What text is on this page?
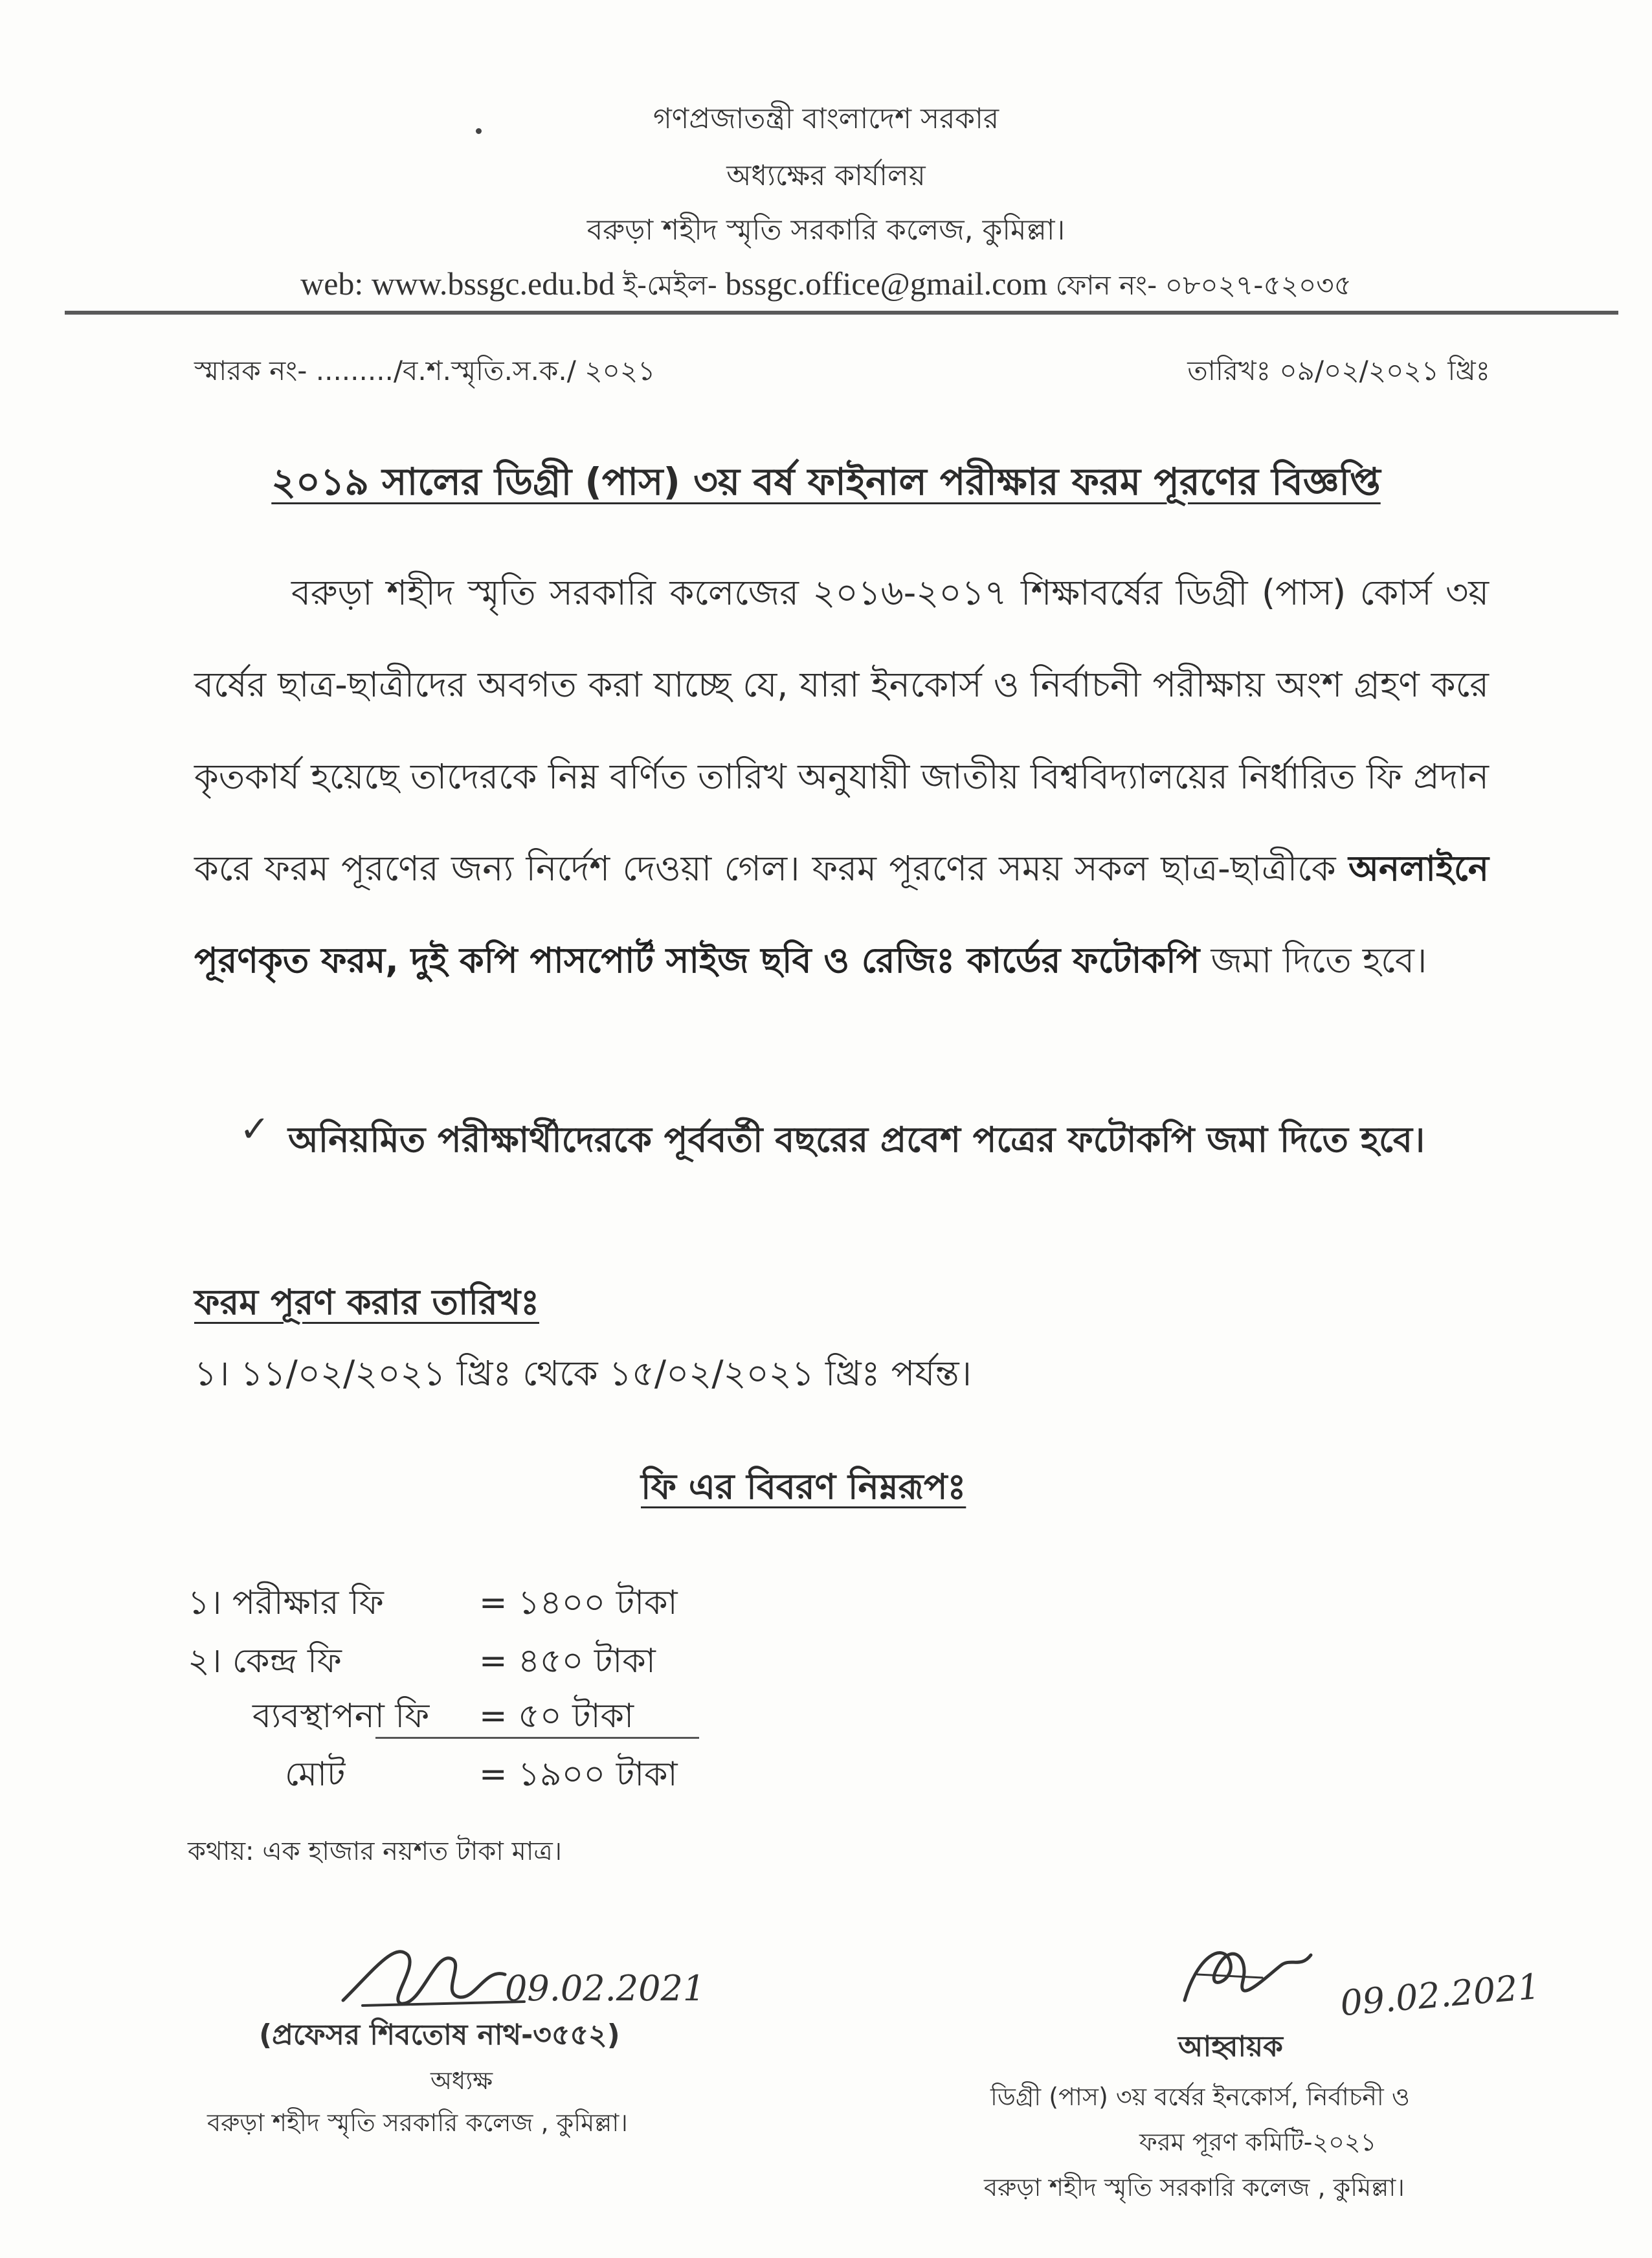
গণপ্রজাতন্ত্রী বাংলাদেশ সরকার
অধ্যক্ষের কার্যালয়
বরুড়া শহীদ স্মৃতি সরকারি কলেজ, কুমিল্লা।
web: www.bssgc.edu.bd ই-মেইল- bssgc.office@gmail.com ফোন নং- ০৮০২৭-৫২০৩৫
স্মারক নং- ........./ব.শ.স্মৃতি.স.ক./ ২০২১	তারিখঃ ০৯/০২/২০২১ খ্রিঃ
২০১৯ সালের ডিগ্রী (পাস) ৩য় বর্ষ ফাইনাল পরীক্ষার ফরম পূরণের বিজ্ঞপ্তি
বরুড়া শহীদ স্মৃতি সরকারি কলেজের ২০১৬-২০১৭ শিক্ষাবর্ষের ডিগ্রী (পাস) কোর্স ৩য় বর্ষের ছাত্র-ছাত্রীদের অবগত করা যাচ্ছে যে, যারা ইনকোর্স ও নির্বাচনী পরীক্ষায় অংশ গ্রহণ করে কৃতকার্য হয়েছে তাদেরকে নিম্ন বর্ণিত তারিখ অনুযায়ী জাতীয় বিশ্ববিদ্যালয়ের নির্ধারিত ফি প্রদান করে ফরম পূরণের জন্য নির্দেশ দেওয়া গেল। ফরম পূরণের সময় সকল ছাত্র-ছাত্রীকে অনলাইনে পূরণকৃত ফরম, দুই কপি পাসপোর্ট সাইজ ছবি ও রেজিঃ কার্ডের ফটোকপি জমা দিতে হবে।
✓ অনিয়মিত পরীক্ষার্থীদেরকে পূর্ববর্তী বছরের প্রবেশ পত্রের ফটোকপি জমা দিতে হবে।
ফরম পূরণ করার তারিখঃ
১। ১১/০২/২০২১ খ্রিঃ থেকে ১৫/০২/২০২১ খ্রিঃ পর্যন্ত।
ফি এর বিবরণ নিম্নরূপঃ
১। পরীক্ষার ফি	= ১৪০০ টাকা
২। কেন্দ্র ফি	= ৪৫০ টাকা
ব্যবস্থাপনা ফি = ৫০ টাকা
মোট	= ১৯০০ টাকা
কথায়: এক হাজার নয়শত টাকা মাত্র।
09.02.2021
(প্রফেসর শিবতোষ নাথ-৩৫৫২)
অধ্যক্ষ
বরুড়া শহীদ স্মৃতি সরকারি কলেজ , কুমিল্লা।
09.02.2021
আহ্বায়ক
ডিগ্রী (পাস) ৩য় বর্ষের ইনকোর্স, নির্বাচনী ও
ফরম পূরণ কমিটি-২০২১
বরুড়া শহীদ স্মৃতি সরকারি কলেজ , কুমিল্লা।
